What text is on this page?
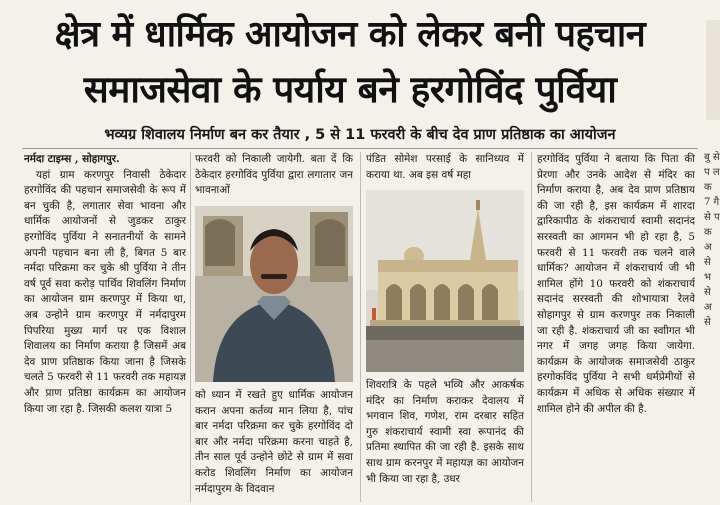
क्षेत्र में धार्मिक आयोजन को लेकर बनी पहचान
समाजसेवा के पर्याय बने हरगोविंद पुर्विया
भव्यग्र शिवालय निर्माण बन कर तैयार , 5 से 11 फरवरी के बीच देव प्राण प्रतिष्ठाक का आयोजन

नर्मदा टाइम्स , सोहागपुर.

यहां ग्राम करणपुर निवासी ठेकेदार हरगोविंद की पहचान समाजसेवी के रूप में बन चुकी है, लगातार सेवा भावना और धार्मिक आयोजनों से जुडकर ठाकुर हरगोविंद पुर्विया ने सनातनीयों के सामने अपनी पहचान बना ली है, बिगत 5 बार नर्मदा परिक्रमा कर चुके श्री पुर्विया ने तीन वर्ष पूर्व सवा करोड़ पार्थिव शिवलिंग निर्माण का आयोजन ग्राम करणपुर में किया था, अब उन्होने ग्राम करणपुर में नर्मदापुरम पिपरिया मुख्य मार्ग पर एक विशाल शिवालय का निर्माण कराया है जिसमें अब देव प्राण प्रतिष्ठाक किया जाना है जिसके चलते 5 फरवरी से 11 फरवरी तक महायज्ञ और प्राण प्रतिष्ठा कार्यक्रम का आयोजन किया जा रहा है. जिसकी कलश यात्रा 5

फरवरी को निकाली जायेगी. बता दें कि ठेकेदार हरगोविंद पुर्विया द्वारा लगातार जन भावनाओं
को ध्यान में रखते हुए धार्मिक आयोजन करान अपना कर्तव्य मान लिया है, पांच बार नर्मदा परिक्रमा कर चुके हरगोविंद दो बार और नर्मदा परिक्रमा करना चाहते है, तीन साल पूर्व उन्होने छोटे से ग्राम में सवा करोड शिवलिंग निर्माण का आयोजन नर्मदापुरम के विदवान
पंडित सोमेश परसाई के सानिध्यव में कराया था. अब इस वर्ष महा
शिवरात्रि के पहले भव्यि और आकर्षक मंदिर का निर्माण कराकर देवालय में भगवान शिव, गणेश, राम दरबार सहित गुरु शंकराचार्य स्वामी स्वा रूपानंद की प्रतिमा स्थापित की जा रही है. इसके साथ साथ ग्राम करनपुर में महायज्ञ का आयोजन भी किया जा रहा है, उधर
हरगोविंद पुर्विया ने बताया कि पिता की प्रेरणा और उनके आदेश से मंदिर का निर्माण कराया है, अब देव प्राण प्रतिष्ठाय की जा रही है, इस कार्यक्रम में शारदा द्वारिकापीठ के शंकराचार्य स्वामी सदानंद सरस्वती का आगमन भी हो रहा है, 5 फरवरी से 11 फरवरी तक चलने वाले धार्मिक? आयोजन में शंकराचार्य जी भी शामिल होंगे 10 फरवरी को शंकराचार्य सदानंद सरस्वती की शोभायात्रा रेलवे सोहागपुर से ग्राम करणपुर तक निकाली जा रही है. शंकराचार्य जी का स्वाीगत भी नगर में जगह जगह किया जायेगा. कार्यक्रम के आयोजक समाजसेवी ठाकुर हरगोकविंद पुर्विया ने सभी धर्मप्रेमीयों से कार्यक्रम में अधिक से अधिक संख्यार में शामिल होने की अपील की है.
बु से प ल क 7 गै से प क अ से भ से अ से
